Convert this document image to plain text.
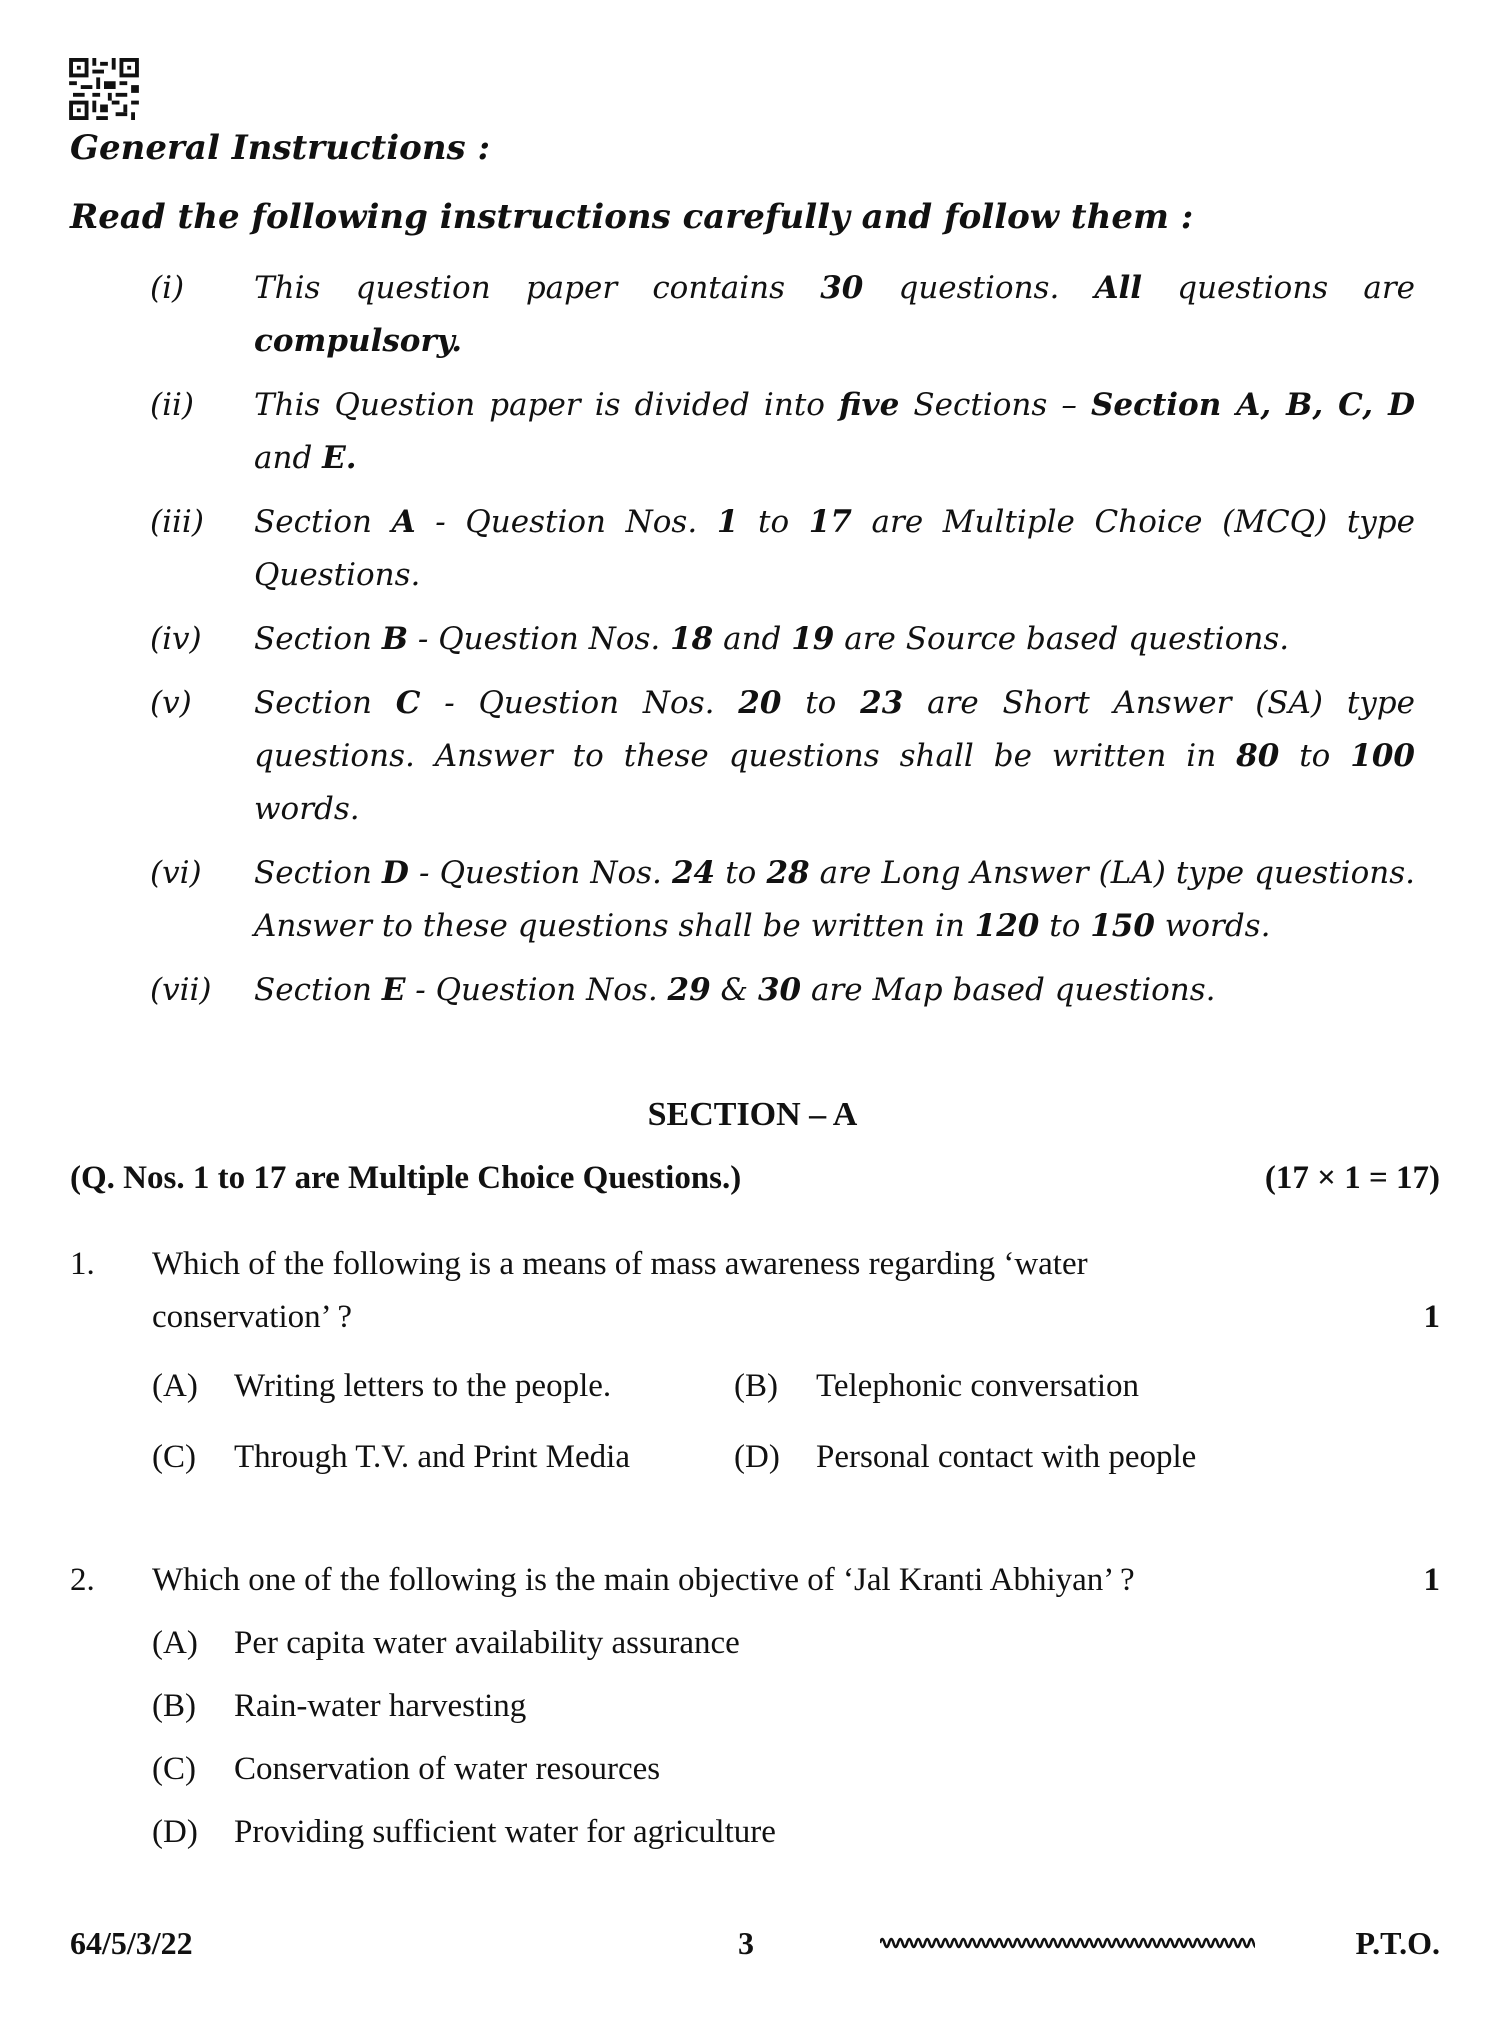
General Instructions :

Read the following instructions carefully and follow them :

(i)	This question paper contains 30 questions. All questions are compulsory.
(ii)	This Question paper is divided into five Sections – Section A, B, C, D and E.
(iii)	Section A - Question Nos. 1 to 17 are Multiple Choice (MCQ) type Questions.
(iv)	Section B - Question Nos. 18 and 19 are Source based questions.
(v)	Section C - Question Nos. 20 to 23 are Short Answer (SA) type questions. Answer to these questions shall be written in 80 to 100 words.
(vi)	Section D - Question Nos. 24 to 28 are Long Answer (LA) type questions. Answer to these questions shall be written in 120 to 150 words.
(vii)	Section E - Question Nos. 29 & 30 are Map based questions.

SECTION – A

(Q. Nos. 1 to 17 are Multiple Choice Questions.)	(17 × 1 = 17)

1.	Which of the following is a means of mass awareness regarding ‘water
conservation’ ?	1
(A)	Writing letters to the people.	(B)	Telephonic conversation
(C)	Through T.V. and Print Media	(D)	Personal contact with people
2.	Which one of the following is the main objective of ‘Jal Kranti Abhiyan’ ?	1
(A)	Per capita water availability assurance
(B)	Rain-water harvesting
(C)	Conservation of water resources
(D)	Providing sufficient water for agriculture
64/5/3/22	3	P.T.O.
